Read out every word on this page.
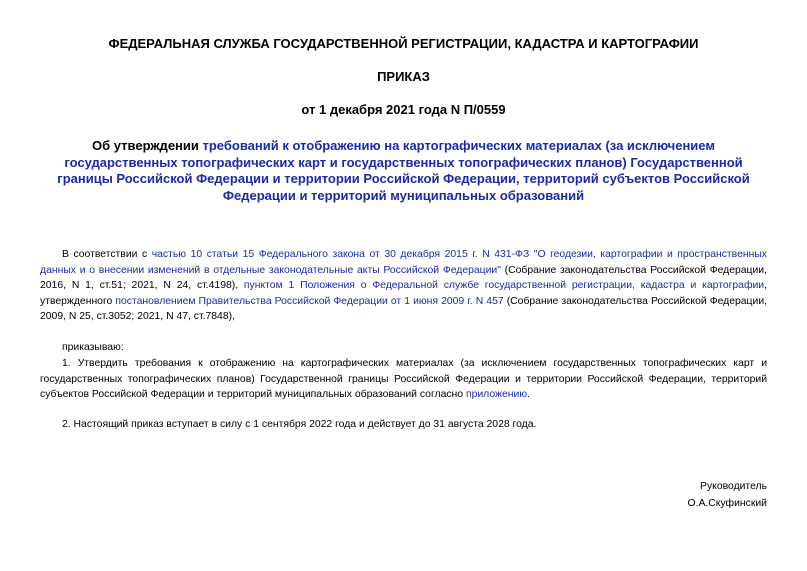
ФЕДЕРАЛЬНАЯ СЛУЖБА ГОСУДАРСТВЕННОЙ РЕГИСТРАЦИИ, КАДАСТРА И КАРТОГРАФИИ
ПРИКАЗ
от 1 декабря 2021 года N П/0559
Об утверждении требований к отображению на картографических материалах (за исключением государственных топографических карт и государственных топографических планов) Государственной границы Российской Федерации и территории Российской Федерации, территорий субъектов Российской Федерации и территорий муниципальных образований
В соответствии с частью 10 статьи 15 Федерального закона от 30 декабря 2015 г. N 431-ФЗ "О геодезии, картографии и пространственных данных и о внесении изменений в отдельные законодательные акты Российской Федерации" (Собрание законодательства Российской Федерации, 2016, N 1, ст.51; 2021, N 24, ст.4198), пунктом 1 Положения о Федеральной службе государственной регистрации, кадастра и картографии, утвержденного постановлением Правительства Российской Федерации от 1 июня 2009 г. N 457 (Собрание законодательства Российской Федерации, 2009, N 25, ст.3052; 2021, N 47, ст.7848),
приказываю:
1. Утвердить требования к отображению на картографических материалах (за исключением государственных топографических карт и государственных топографических планов) Государственной границы Российской Федерации и территории Российской Федерации, территорий субъектов Российской Федерации и территорий муниципальных образований согласно приложению.
2. Настоящий приказ вступает в силу с 1 сентября 2022 года и действует до 31 августа 2028 года.
Руководитель
О.А.Скуфинский
